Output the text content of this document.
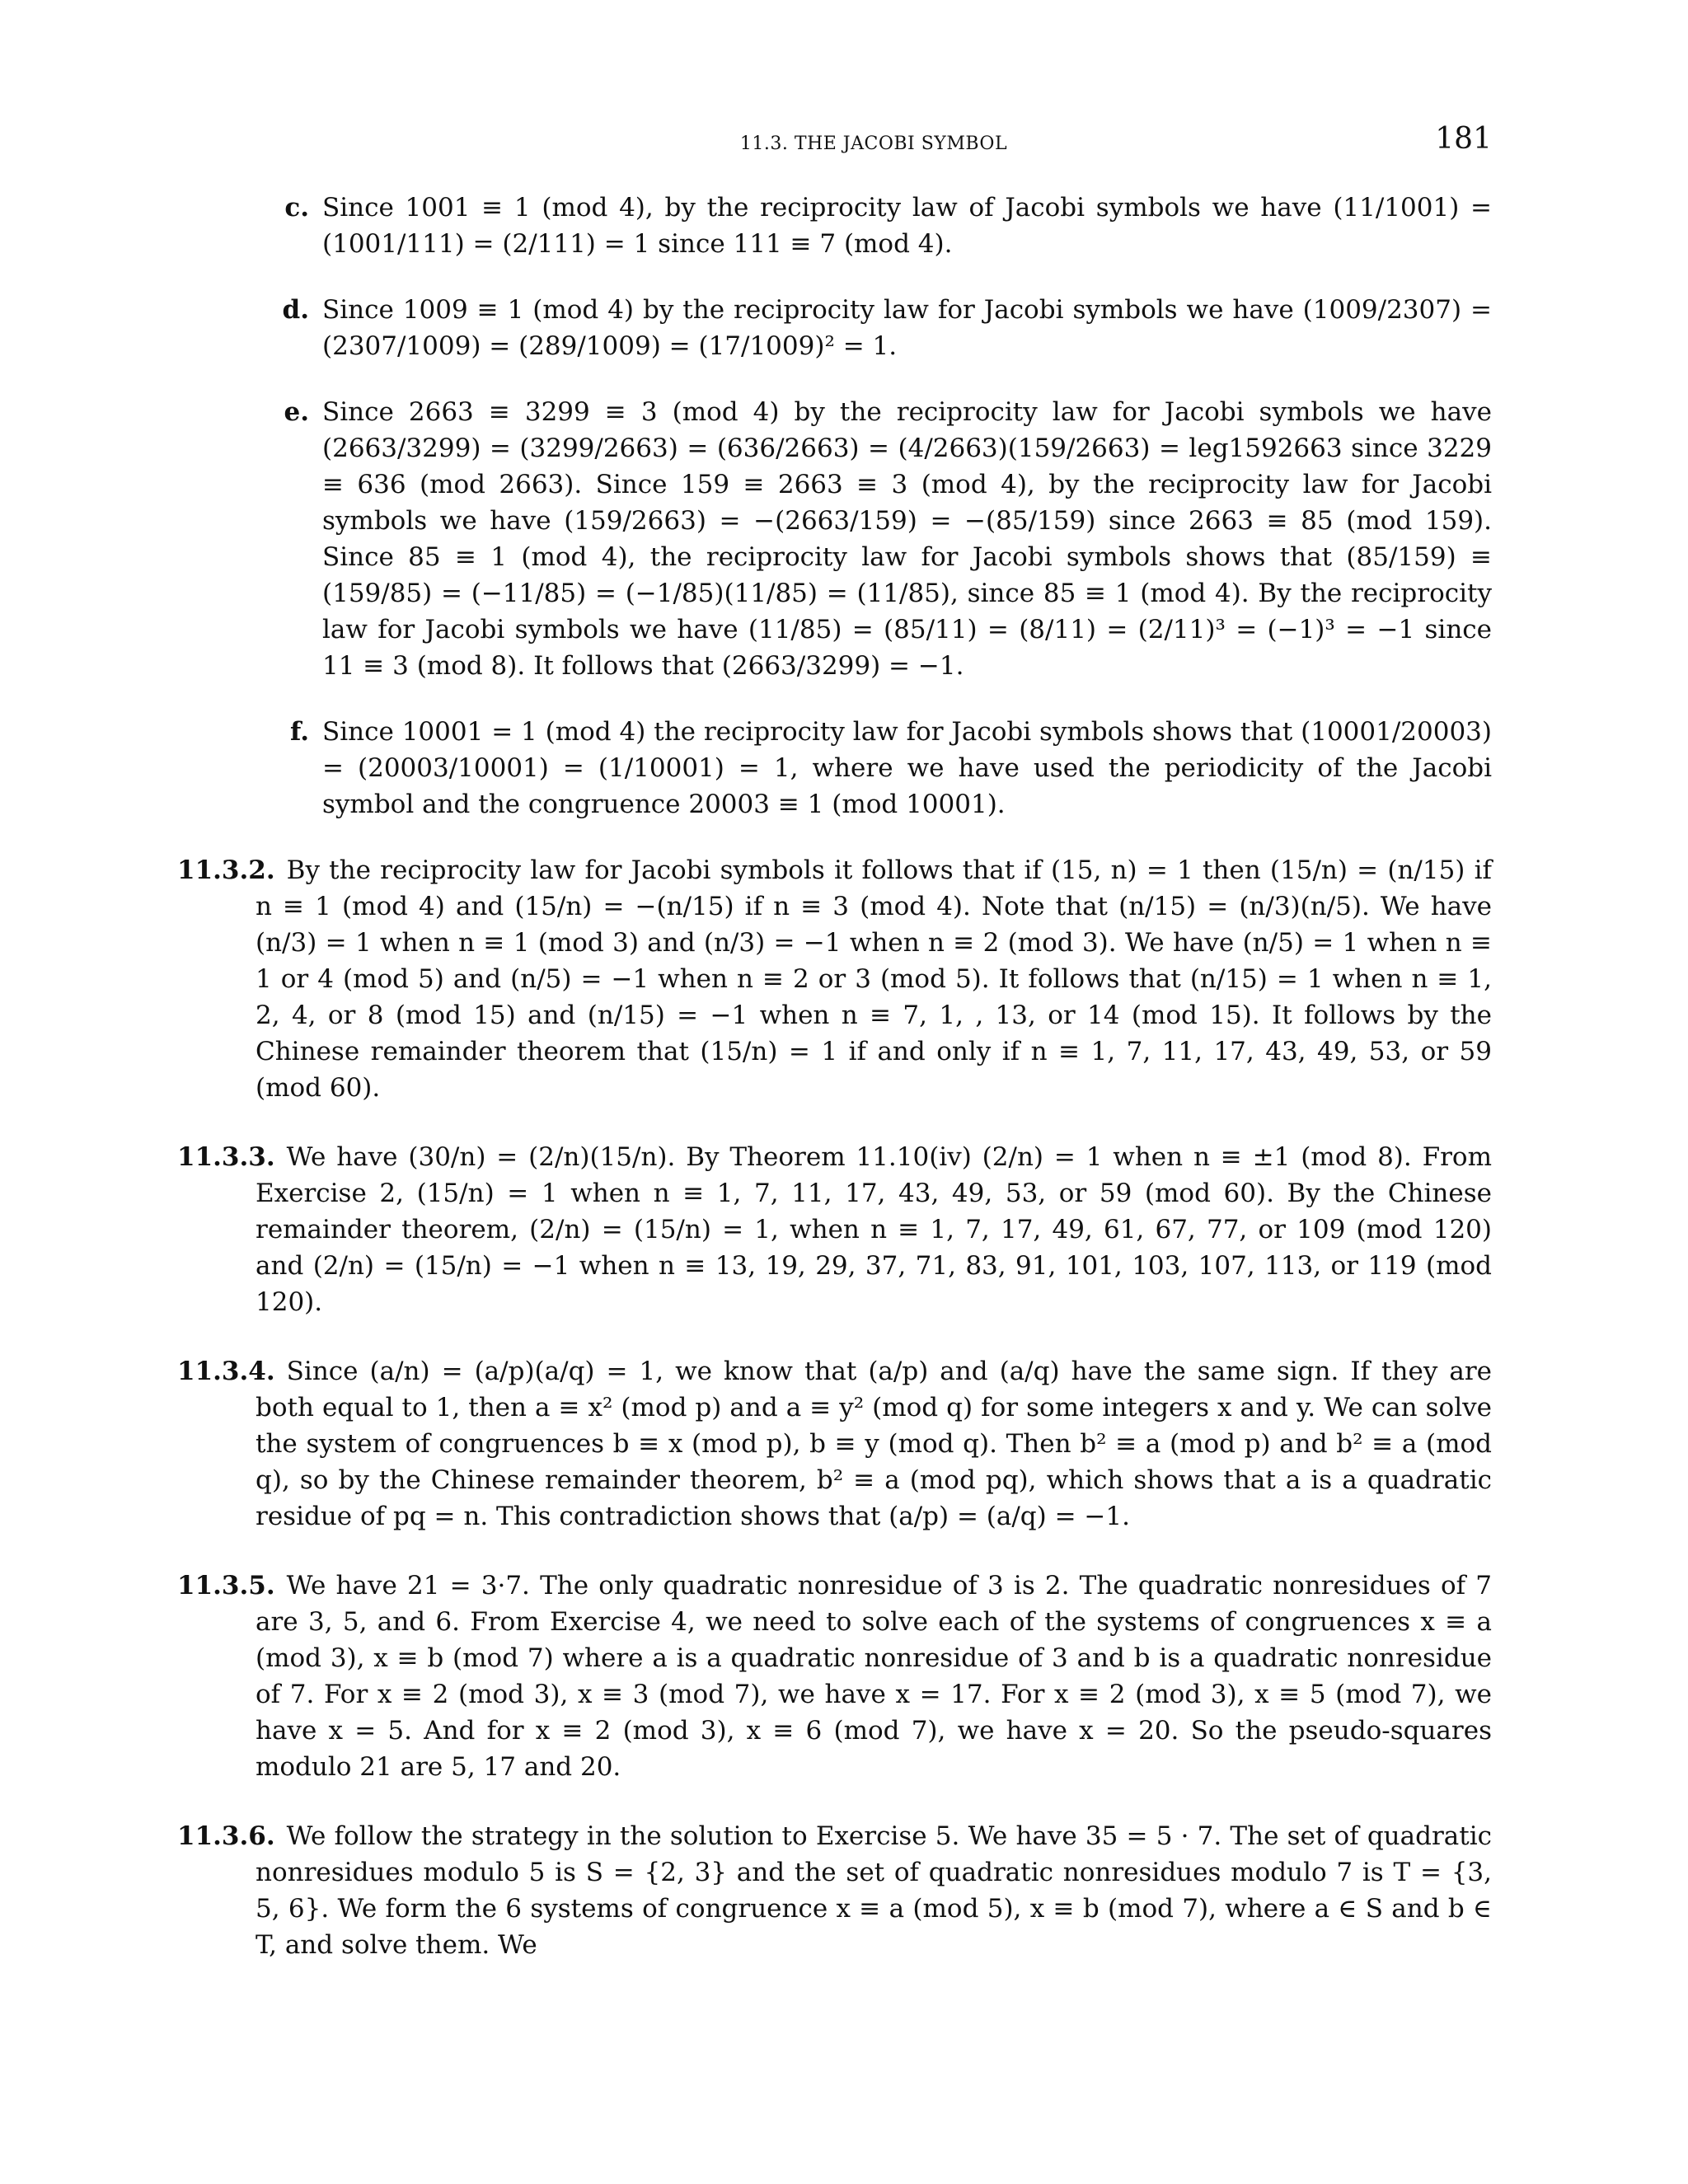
11.3. THE JACOBI SYMBOL	181
c. Since 1001 ≡ 1 (mod 4), by the reciprocity law of Jacobi symbols we have (11/1001) = (1001/111) = (2/111) = 1 since 111 ≡ 7 (mod 4).
d. Since 1009 ≡ 1 (mod 4) by the reciprocity law for Jacobi symbols we have (1009/2307) = (2307/1009) = (289/1009) = (17/1009)² = 1.
e. Since 2663 ≡ 3299 ≡ 3 (mod 4) by the reciprocity law for Jacobi symbols we have (2663/3299) = (3299/2663) = (636/2663) = (4/2663)(159/2663) = leg1592663 since 3229 ≡ 636 (mod 2663). Since 159 ≡ 2663 ≡ 3 (mod 4), by the reciprocity law for Jacobi symbols we have (159/2663) = −(2663/159) = −(85/159) since 2663 ≡ 85 (mod 159). Since 85 ≡ 1 (mod 4), the reciprocity law for Jacobi symbols shows that (85/159) ≡ (159/85) = (−11/85) = (−1/85)(11/85) = (11/85), since 85 ≡ 1 (mod 4). By the reciprocity law for Jacobi symbols we have (11/85) = (85/11) = (8/11) = (2/11)³ = (−1)³ = −1 since 11 ≡ 3 (mod 8). It follows that (2663/3299) = −1.
f. Since 10001 = 1 (mod 4) the reciprocity law for Jacobi symbols shows that (10001/20003) = (20003/10001) = (1/10001) = 1, where we have used the periodicity of the Jacobi symbol and the congruence 20003 ≡ 1 (mod 10001).
11.3.2. By the reciprocity law for Jacobi symbols it follows that if (15, n) = 1 then (15/n) = (n/15) if n ≡ 1 (mod 4) and (15/n) = −(n/15) if n ≡ 3 (mod 4). Note that (n/15) = (n/3)(n/5). We have (n/3) = 1 when n ≡ 1 (mod 3) and (n/3) = −1 when n ≡ 2 (mod 3). We have (n/5) = 1 when n ≡ 1 or 4 (mod 5) and (n/5) = −1 when n ≡ 2 or 3 (mod 5). It follows that (n/15) = 1 when n ≡ 1, 2, 4, or 8 (mod 15) and (n/15) = −1 when n ≡ 7, 1, , 13, or 14 (mod 15). It follows by the Chinese remainder theorem that (15/n) = 1 if and only if n ≡ 1, 7, 11, 17, 43, 49, 53, or 59 (mod 60).
11.3.3. We have (30/n) = (2/n)(15/n). By Theorem 11.10(iv) (2/n) = 1 when n ≡ ±1 (mod 8). From Exercise 2, (15/n) = 1 when n ≡ 1, 7, 11, 17, 43, 49, 53, or 59 (mod 60). By the Chinese remainder theorem, (2/n) = (15/n) = 1, when n ≡ 1, 7, 17, 49, 61, 67, 77, or 109 (mod 120) and (2/n) = (15/n) = −1 when n ≡ 13, 19, 29, 37, 71, 83, 91, 101, 103, 107, 113, or 119 (mod 120).
11.3.4. Since (a/n) = (a/p)(a/q) = 1, we know that (a/p) and (a/q) have the same sign. If they are both equal to 1, then a ≡ x² (mod p) and a ≡ y² (mod q) for some integers x and y. We can solve the system of congruences b ≡ x (mod p), b ≡ y (mod q). Then b² ≡ a (mod p) and b² ≡ a (mod q), so by the Chinese remainder theorem, b² ≡ a (mod pq), which shows that a is a quadratic residue of pq = n. This contradiction shows that (a/p) = (a/q) = −1.
11.3.5. We have 21 = 3·7. The only quadratic nonresidue of 3 is 2. The quadratic nonresidues of 7 are 3, 5, and 6. From Exercise 4, we need to solve each of the systems of congruences x ≡ a (mod 3), x ≡ b (mod 7) where a is a quadratic nonresidue of 3 and b is a quadratic nonresidue of 7. For x ≡ 2 (mod 3), x ≡ 3 (mod 7), we have x = 17. For x ≡ 2 (mod 3), x ≡ 5 (mod 7), we have x = 5. And for x ≡ 2 (mod 3), x ≡ 6 (mod 7), we have x = 20. So the pseudo-squares modulo 21 are 5, 17 and 20.
11.3.6. We follow the strategy in the solution to Exercise 5. We have 35 = 5 · 7. The set of quadratic nonresidues modulo 5 is S = {2, 3} and the set of quadratic nonresidues modulo 7 is T = {3, 5, 6}. We form the 6 systems of congruence x ≡ a (mod 5), x ≡ b (mod 7), where a ∈ S and b ∈ T, and solve them. We
